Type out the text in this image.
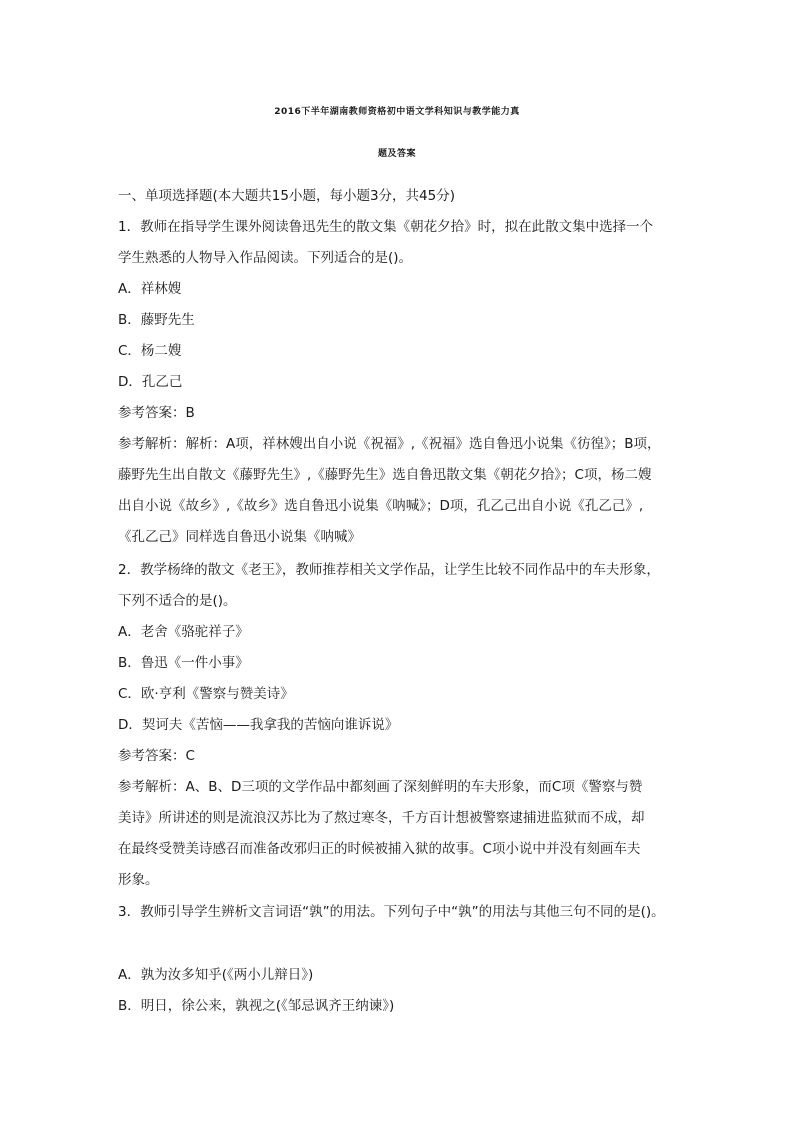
2016下半年湖南教师资格初中语文学科知识与教学能力真
题及答案
一、单项选择题(本大题共15小题，每小题3分，共45分)
1．教师在指导学生课外阅读鲁迅先生的散文集《朝花夕拾》时，拟在此散文集中选择一个
学生熟悉的人物导入作品阅读。下列适合的是()。
A．祥林嫂
B．藤野先生
C．杨二嫂
D．孔乙己
参考答案：B
参考解析：解析：A项，祥林嫂出自小说《祝福》,《祝福》选自鲁迅小说集《彷徨》；B项，
藤野先生出自散文《藤野先生》,《藤野先生》选自鲁迅散文集《朝花夕拾》；C项，杨二嫂
出自小说《故乡》,《故乡》选自鲁迅小说集《呐喊》；D项，孔乙己出自小说《孔乙己》,
《孔乙己》同样选自鲁迅小说集《呐喊》
2．教学杨绛的散文《老王》，教师推荐相关文学作品，让学生比较不同作品中的车夫形象，
下列不适合的是()。
A．老舍《骆驼祥子》
B．鲁迅《一件小事》
C．欧·亨利《警察与赞美诗》
D．契诃夫《苦恼——我拿我的苦恼向谁诉说》
参考答案：C
参考解析：A、B、D三项的文学作品中都刻画了深刻鲜明的车夫形象，而C项《警察与赞
美诗》所讲述的则是流浪汉苏比为了熬过寒冬，千方百计想被警察逮捕进监狱而不成，却
在最终受赞美诗感召而准备改邪归正的时候被捕入狱的故事。C项小说中并没有刻画车夫
形象。
3．教师引导学生辨析文言词语“孰”的用法。下列句子中“孰”的用法与其他三句不同的是()。
A．孰为汝多知乎(《两小儿辩日》)
B．明日，徐公来，孰视之(《邹忌讽齐王纳谏》)
